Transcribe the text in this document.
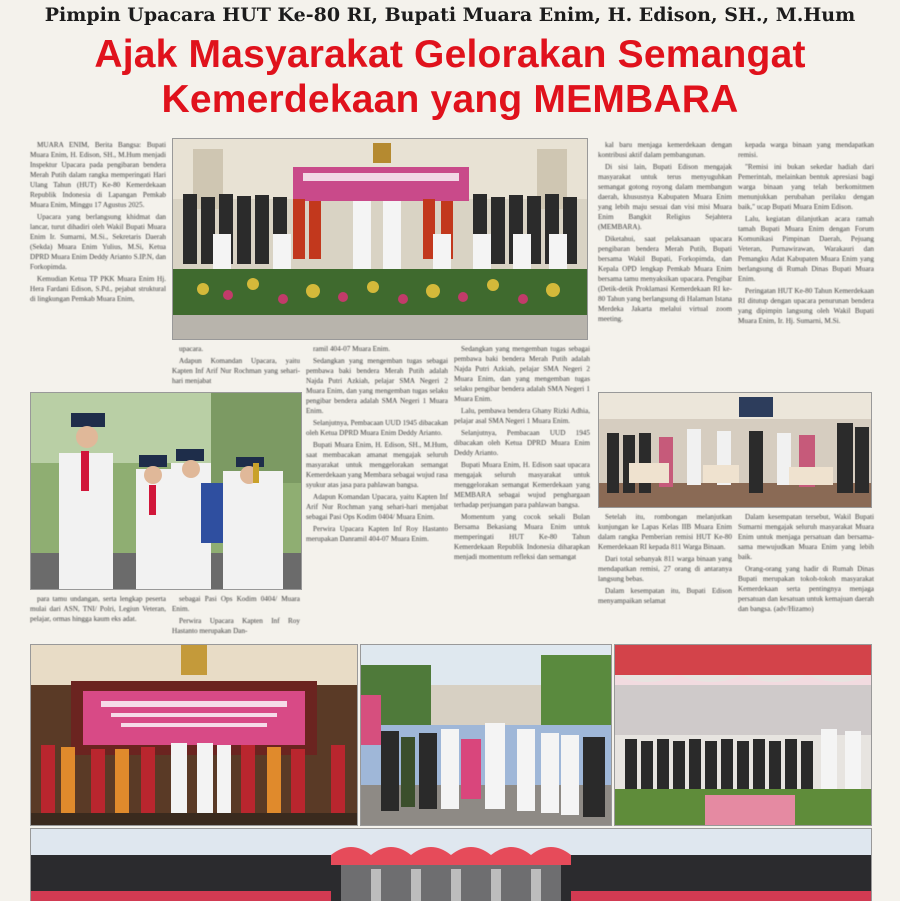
Pimpin Upacara HUT Ke-80 RI, Bupati Muara Enim, H. Edison, SH., M.Hum
Ajak Masyarakat Gelorakan Semangat
Kemerdekaan yang MEMBARA

MUARA ENIM, Berita Bangsa: Bupati Muara Enim, H. Edison, SH., M.Hum menjadi Inspektur Upacara pada pengibaran bendera Merah Putih dalam rangka memperingati Hari Ulang Tahun (HUT) Ke-80 Kemerdekaan Republik Indonesia di Lapangan Pemkab Muara Enim, Minggu 17 Agustus 2025.

Upacara yang berlangsung khidmat dan lancar, turut dihadiri oleh Wakil Bupati Muara Enim Ir. Sumarni, M.Si., Sekretaris Daerah (Sekda) Muara Enim Yulius, M.Si, Ketua DPRD Muara Enim Deddy Arianto S.IP.N, dan Forkopimda.

Kemudian Ketua TP PKK Muara Enim Hj. Hera Fardani Edison, S.Pd., pejabat struktural di lingkungan Pemkab Muara Enim,

kal baru menjaga kemerdekaan dengan kontribusi aktif dalam pembangunan.

Di sisi lain, Bupati Edison mengajak masyarakat untuk terus menyuguhkan semangat gotong royong dalam membangun daerah, khususnya Kabupaten Muara Enim yang lebih maju sesuai dan visi misi Muara Enim Bangkit Religius Sejahtera (MEMBARA).

Diketahui, saat pelaksanaan upacara pengibaran bendera Merah Putih, Bupati bersama Wakil Bupati, Forkopimda, dan Kepala OPD lengkap Pemkab Muara Enim bersama tamu menyaksikan upacara. Pengibar (Detik-detik Proklamasi Kemerdekaan RI ke-80 Tahun yang berlangsung di Halaman Istana Merdeka Jakarta melalui virtual zoom meeting.

kepada warga binaan yang mendapatkan remisi.

"Remisi ini bukan sekedar hadiah dari Pemerintah, melainkan bentuk apresiasi bagi warga binaan yang telah berkomitmen menunjukkan perubahan perilaku dengan baik," ucap Bupati Muara Enim Edison.

Lalu, kegiatan dilanjutkan acara ramah tamah Bupati Muara Enim dengan Forum Komunikasi Pimpinan Daerah, Pejuang Veteran, Purnawirawan, Warakauri dan Pemangku Adat Kabupaten Muara Enim yang berlangsung di Rumah Dinas Bupati Muara Enim.

Peringatan HUT Ke-80 Tahun Kemerdekaan RI ditutup dengan upacara penurunan bendera yang dipimpin langsung oleh Wakil Bupati Muara Enim, Ir. Hj. Sumarni, M.Si.

upacara.

Adapun Komandan Upacara, yaitu Kapten Inf Arif Nur Rochman yang sehari-hari menjabat

ramil 404-07 Muara Enim.

Sedangkan yang mengemban tugas sebagai pembawa baki bendera Merah Putih adalah Najda Putri Azkiah, pelajar SMA Negeri 2 Muara Enim, dan yang mengemban tugas selaku pengibar bendera adalah SMA Negeri 1 Muara Enim.

Selanjutnya, Pembacaan UUD 1945 dibacakan oleh Ketua DPRD Muara Enim Deddy Arianto.

Bupati Muara Enim, H. Edison, SH., M.Hum, saat membacakan amanat mengajak seluruh masyarakat untuk menggelorakan semangat Kemerdekaan yang Membara sebagai wujud rasa syukur atas jasa para pahlawan bangsa.

Adapun Komandan Upacara, yaitu Kapten Inf Arif Nur Rochman yang sehari-hari menjabat sebagai Pasi Ops Kodim 0404/ Muara Enim.

Perwira Upacara Kapten Inf Roy Hastanto merupakan Danramil 404-07 Muara Enim.

Sedangkan yang mengemban tugas sebagai pembawa baki bendera Merah Putih adalah Najda Putri Azkiah, pelajar SMA Negeri 2 Muara Enim, dan yang mengemban tugas selaku pengibar bendera adalah SMA Negeri 1 Muara Enim.

Lalu, pembawa bendera Ghany Rizki Adhia, pelajar asal SMA Negeri 1 Muara Enim.

Selanjutnya, Pembacaan UUD 1945 dibacakan oleh Ketua DPRD Muara Enim Deddy Arianto.

Bupati Muara Enim, H. Edison saat upacara mengajak seluruh masyarakat untuk menggelorakan semangat Kemerdekaan yang MEMBARA sebagai wujud penghargaan terhadap perjuangan para pahlawan bangsa.

Momentum yang cocok sekali Bulan Bersama Bekasiang Muara Enim untuk memperingati HUT Ke-80 Tahun Kemerdekaan Republik Indonesia diharapkan menjadi momentum refleksi dan semangat

Setelah itu, rombongan melanjutkan kunjungan ke Lapas Kelas IIB Muara Enim dalam rangka Pemberian remisi HUT Ke-80 Kemerdekaan RI kepada 811 Warga Binaan.

Dari total sebanyak 811 warga binaan yang mendapatkan remisi, 27 orang di antaranya langsung bebas.

Dalam kesempatan itu, Bupati Edison menyampaikan selamat

Dalam kesempatan tersebut, Wakil Bupati Sumarni mengajak seluruh masyarakat Muara Enim untuk menjaga persatuan dan bersama-sama mewujudkan Muara Enim yang lebih baik.

Orang-orang yang hadir di Rumah Dinas Bupati merupakan tokoh-tokoh masyarakat Kemerdekaan serta pentingnya menjaga persatuan dan kesatuan untuk kemajuan daerah dan bangsa. (adv/Hizamo)

para tamu undangan, serta lengkap peserta mulai dari ASN, TNI/ Polri, Legiun Veteran, pelajar, ormas hingga kaum eks adat.

sebagai Pasi Ops Kodim 0404/ Muara Enim.

Perwira Upacara Kapten Inf Roy Hastanto merupakan Dan-
